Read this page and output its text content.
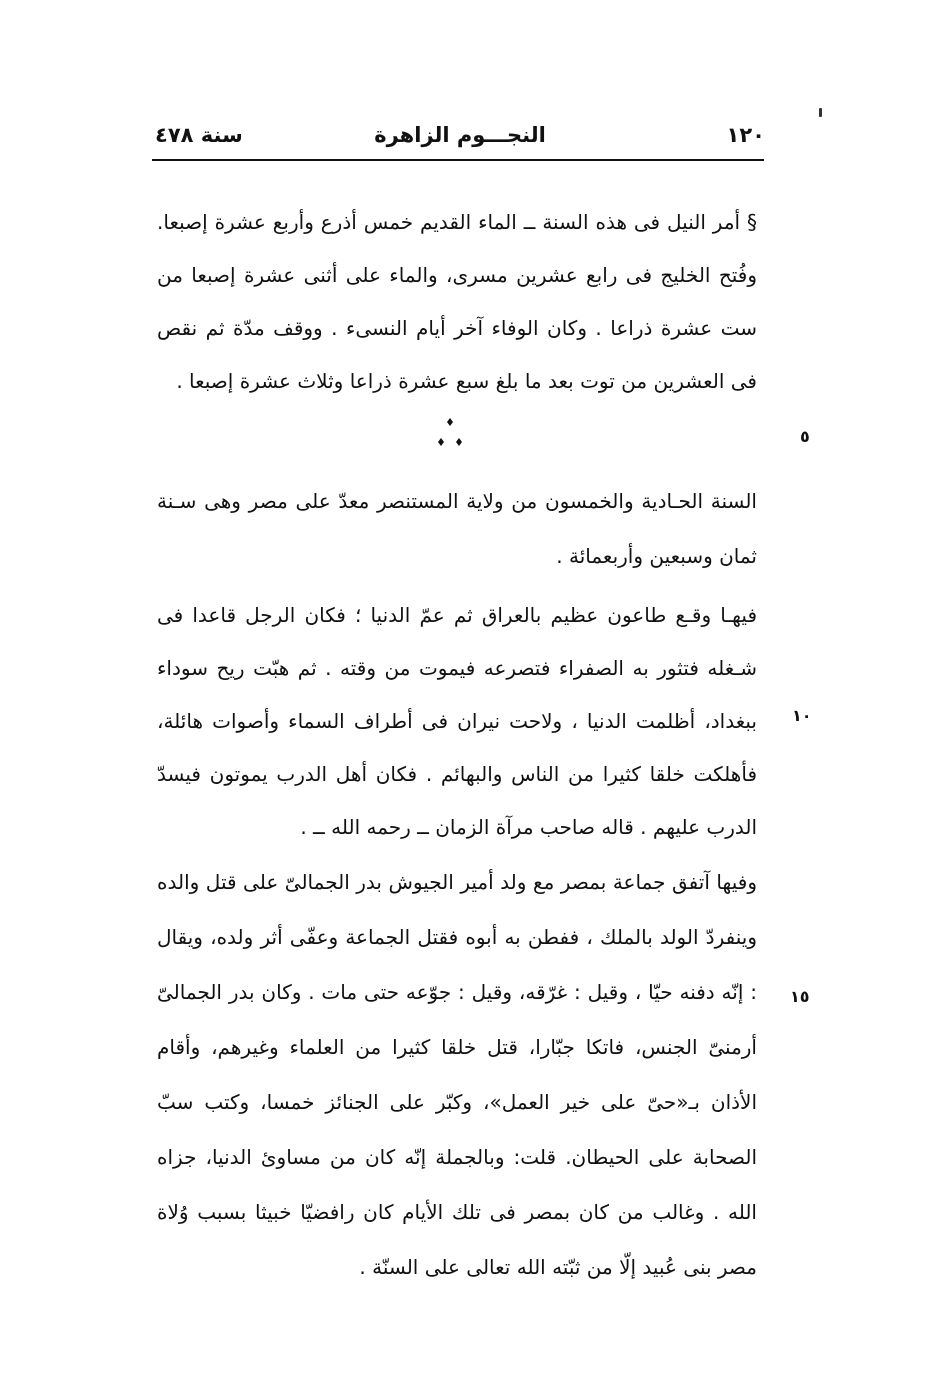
١٢٠
النجـــوم الزاهرة
سنة ٤٧٨

§ أمر النيل فى هذه السنة ــ الماء القديم خمس أذرع وأربع عشرة إصبعا. وفُتح الخليج فى رابع عشرين مسرى، والماء على أثنى عشرة إصبعا من ست عشرة ذراعا . وكان الوفاء آخر أيام النسىء . ووقف مدّة ثم نقص فى العشرين من توت بعد ما بلغ سبع عشرة ذراعا وثلاث عشرة إصبعا .

٥

السنة الحـادية والخمسون من ولاية المستنصر معدّ على مصر وهى سـنة ثمان وسبعين وأربعمائة .

فيهـا وقـع طاعون عظيم بالعراق ثم عمّ الدنيا ؛ فكان الرجل قاعدا فى شـغله فتثور به الصفراء فتصرعه فيموت من وقته . ثم هبّت ريح سوداء ببغداد، أظلمت الدنيا ، ولاحت نيران فى أطراف السماء وأصوات هائلة، فأهلكت خلقا كثيرا من الناس والبهائم . فكان أهل الدرب يموتون فيسدّ الدرب عليهم . قاله صاحب مرآة الزمان ــ رحمه الله ــ .

١٠

وفيها آتفق جماعة بمصر مع ولد أمير الجيوش بدر الجمالىّ على قتل والده وينفردّ الولد بالملك ، ففطن به أبوه فقتل الجماعة وعفّى أثر ولده، ويقال : إنّه دفنه حيّا ، وقيل : غرّقه، وقيل : جوّعه حتى مات . وكان بدر الجمالىّ أرمنىّ الجنس، فاتكا جبّارا، قتل خلقا كثيرا من العلماء وغيرهم، وأقام الأذان بـ«حىّ على خير العمل»، وكبّر على الجنائز خمسا، وكتب سبّ الصحابة على الحيطان. قلت: وبالجملة إنّه كان من مساوئ الدنيا، جزاه الله . وغالب من كان بمصر فى تلك الأيام كان رافضيّا خبيثا بسبب وُلاة مصر بنى عُبيد إلّا من ثبّته الله تعالى على السنّة .

١٥
